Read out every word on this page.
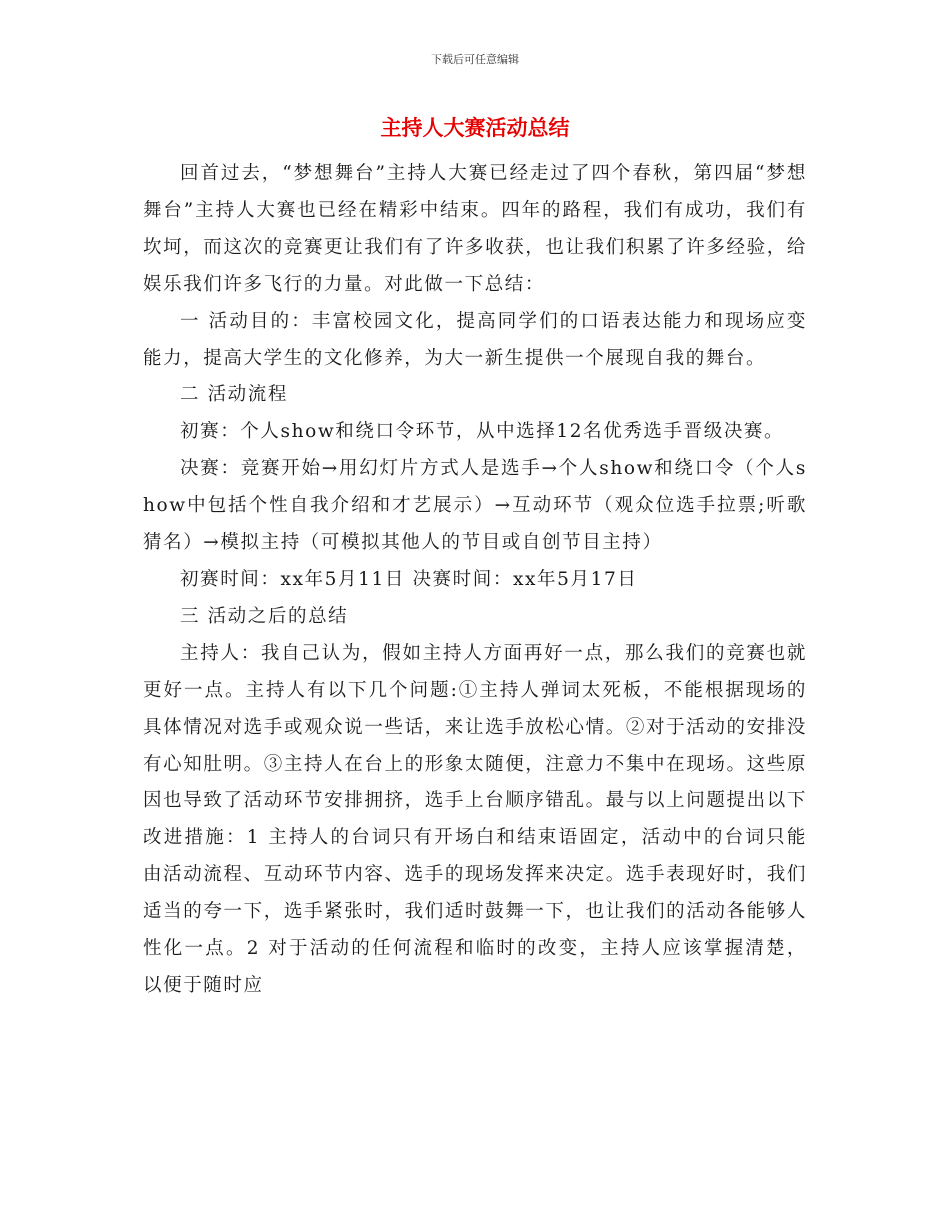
下载后可任意编辑
主持人大赛活动总结

回首过去，“梦想舞台”主持人大赛已经走过了四个春秋，第四届“梦想舞台”主持人大赛也已经在精彩中结束。四年的路程，我们有成功，我们有坎坷，而这次的竞赛更让我们有了许多收获，也让我们积累了许多经验，给娱乐我们许多飞行的力量。对此做一下总结：

一 活动目的：丰富校园文化，提高同学们的口语表达能力和现场应变能力，提高大学生的文化修养，为大一新生提供一个展现自我的舞台。

二 活动流程

初赛：个人show和绕口令环节，从中选择12名优秀选手晋级决赛。

决赛：竞赛开始→用幻灯片方式人是选手→个人show和绕口令（个人show中包括个性自我介绍和才艺展示）→互动环节（观众位选手拉票;听歌猜名）→模拟主持（可模拟其他人的节目或自创节目主持）

初赛时间：xx年5月11日 决赛时间：xx年5月17日

三 活动之后的总结

主持人：我自己认为，假如主持人方面再好一点，那么我们的竞赛也就更好一点。主持人有以下几个问题:①主持人弹词太死板，不能根据现场的具体情况对选手或观众说一些话，来让选手放松心情。②对于活动的安排没有心知肚明。③主持人在台上的形象太随便，注意力不集中在现场。这些原因也导致了活动环节安排拥挤，选手上台顺序错乱。最与以上问题提出以下改进措施：1 主持人的台词只有开场白和结束语固定，活动中的台词只能由活动流程、互动环节内容、选手的现场发挥来决定。选手表现好时，我们适当的夸一下，选手紧张时，我们适时鼓舞一下，也让我们的活动各能够人性化一点。2 对于活动的任何流程和临时的改变，主持人应该掌握清楚，以便于随时应
